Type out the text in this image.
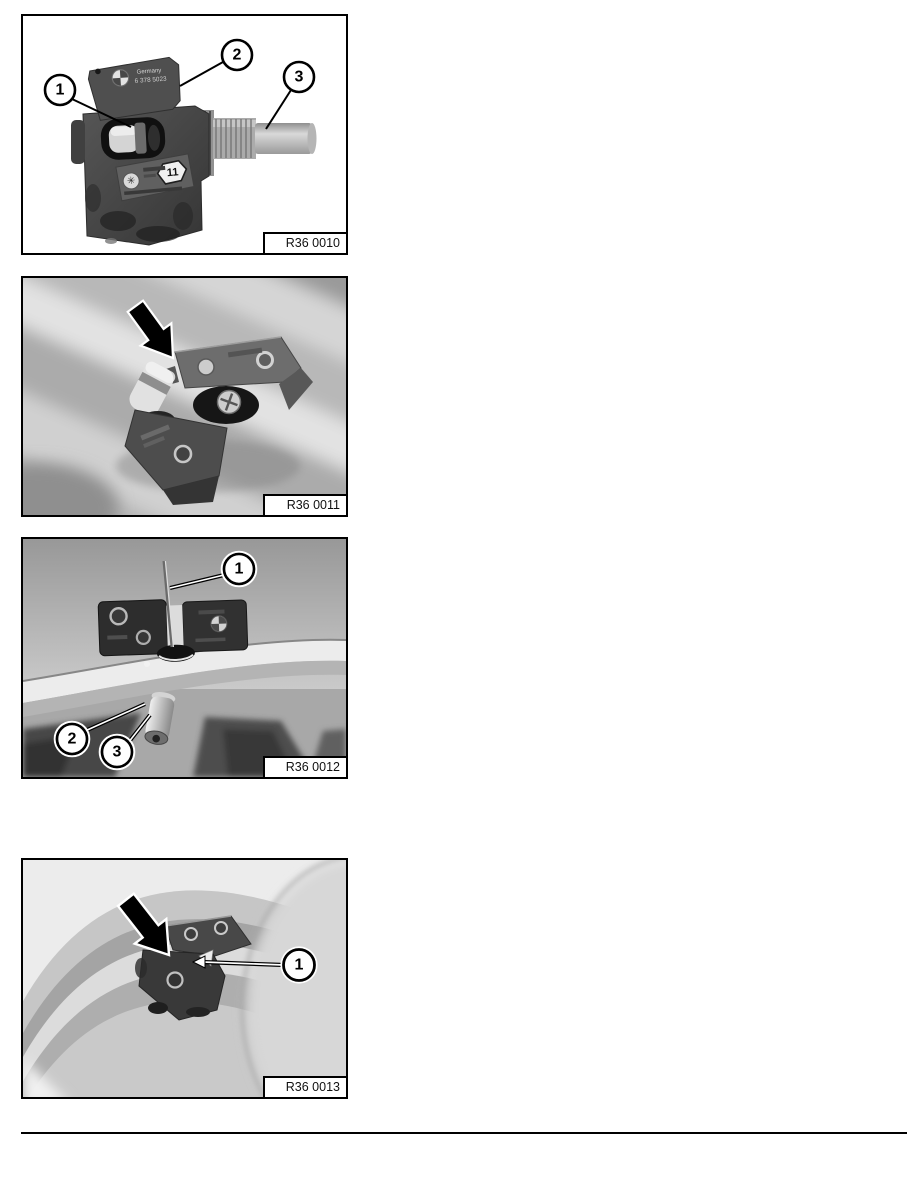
Germany
6 378 5023
✳
11
1
2
3
R36 0010
R36 0011
1
2
3
R36 0012
1
R36 0013
